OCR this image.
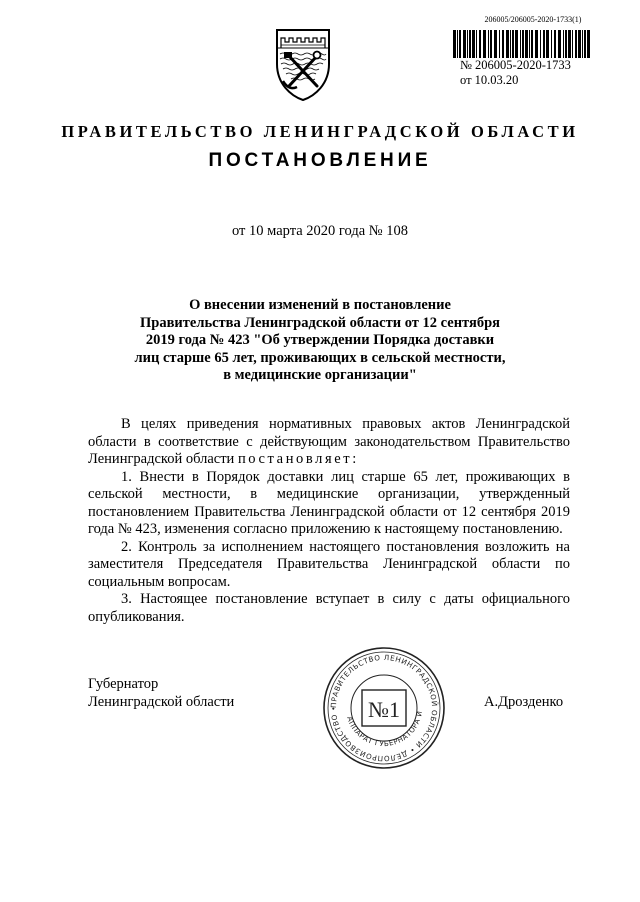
206005/206005-2020-1733(1)
№ 206005-2020-1733
от 10.03.20
ПРАВИТЕЛЬСТВО ЛЕНИНГРАДСКОЙ ОБЛАСТИ
ПОСТАНОВЛЕНИЕ
от 10 марта 2020 года № 108
О внесении изменений в постановление
Правительства Ленинградской области от 12 сентября
2019 года № 423 "Об утверждении Порядка доставки
лиц старше 65 лет, проживающих в сельской местности,
в медицинские организации"

В целях приведения нормативных правовых актов Ленинградской области в соответствие с действующим законодательством Правительство Ленинградской области постановляет:

1. Внести в Порядок доставки лиц старше 65 лет, проживающих в сельской местности, в медицинские организации, утвержденный постановлением Правительства Ленинградской области от 12 сентября 2019 года № 423, изменения согласно приложению к настоящему постановлению.

2. Контроль за исполнением настоящего постановления возложить на заместителя Председателя Правительства Ленинградской области по социальным вопросам.

3. Настоящее постановление вступает в силу с даты официального опубликования.

Губернатор
Ленинградской области	А.Дрозденко
ПРАВИТЕЛЬСТВО ЛЕНИНГРАДСКОЙ ОБЛАСТИ • ДЕЛОПРОИЗВОДСТВО •
АППАРАТ ГУБЕРНАТОРА И
№1
